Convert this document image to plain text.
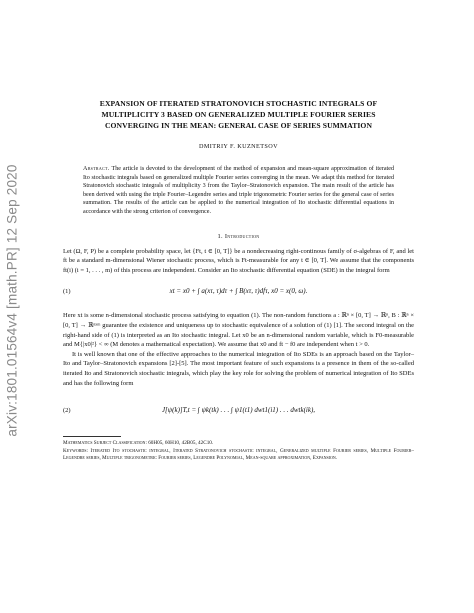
arXiv:1801.01564v4 [math.PR] 12 Sep 2020
EXPANSION OF ITERATED STRATONOVICH STOCHASTIC INTEGRALS OF
MULTIPLICITY 3 BASED ON GENERALIZED MULTIPLE FOURIER SERIES
CONVERGING IN THE MEAN: GENERAL CASE OF SERIES SUMMATION
DMITRIY F. KUZNETSOV
Abstract. The article is devoted to the development of the method of expansion and mean-square approximation of iterated Ito stochastic integrals based on generalized multiple Fourier series converging in the mean. We adapt this method for iterated Stratonovich stochastic integrals of multiplicity 3 from the Taylor–Stratonovich expansion. The main result of the article has been derived with using the triple Fourier–Legendre series and triple trigonometric Fourier series for the general case of series summation. The results of the article can be applied to the numerical integration of Ito stochastic differential equations in accordance with the strong criterion of convergence.
1. Introduction

Let (Ω, F, P) be a complete probability space, let {Ft, t ∈ [0, T]} be a nondecreasing right-continous family of σ-algebras of F, and let ft be a standard m-dimensional Wiener stochastic process, which is Ft-measurable for any t ∈ [0, T]. We assume that the components ft(i) (i = 1, . . . , m) of this process are independent. Consider an Ito stochastic differential equation (SDE) in the integral form

(1)	xt = x0 + ∫ a(xτ, τ)dτ + ∫ B(xτ, τ)dfτ, x0 = x(0, ω).

Here xt is some n-dimensional stochastic process satisfying to equation (1). The non-random functions a : ℝⁿ × [0, T] → ℝⁿ, B : ℝⁿ × [0, T] → ℝⁿˣᵐ guarantee the existence and uniqueness up to stochastic equivalence of a solution of (1) [1]. The second integral on the right-hand side of (1) is interpreted as an Ito stochastic integral. Let x0 be an n-dimensional random variable, which is F0-measurable and M{|x0|²} < ∞ (M denotes a mathematical expectation). We assume that x0 and ft − f0 are independent when t > 0.

It is well known that one of the effective approaches to the numerical integration of Ito SDEs is an approach based on the Taylor–Ito and Taylor–Stratonovich expansions [2]-[5]. The most important feature of such expansions is a presence in them of the so-called iterated Ito and Stratonovich stochastic integrals, which play the key role for solving the problem of numerical integration of Ito SDEs and has the following form

(2)	J[ψ(k)]T,t = ∫ ψk(tk) . . . ∫ ψ1(t1) dwt1(i1) . . . dwtk(ik),

Mathematics Subject Classification: 60H05, 60H10, 42B05, 42C10.

Keywords: Iterated Ito stochastic integral, Iterated Stratonovich stochastic integral, Generalized multiple Fourier series, Multiple Fourier–Legendre series, Multiple trigonometric Fourier series, Legendre Polynomial, Mean-square approximation, Expansion.
